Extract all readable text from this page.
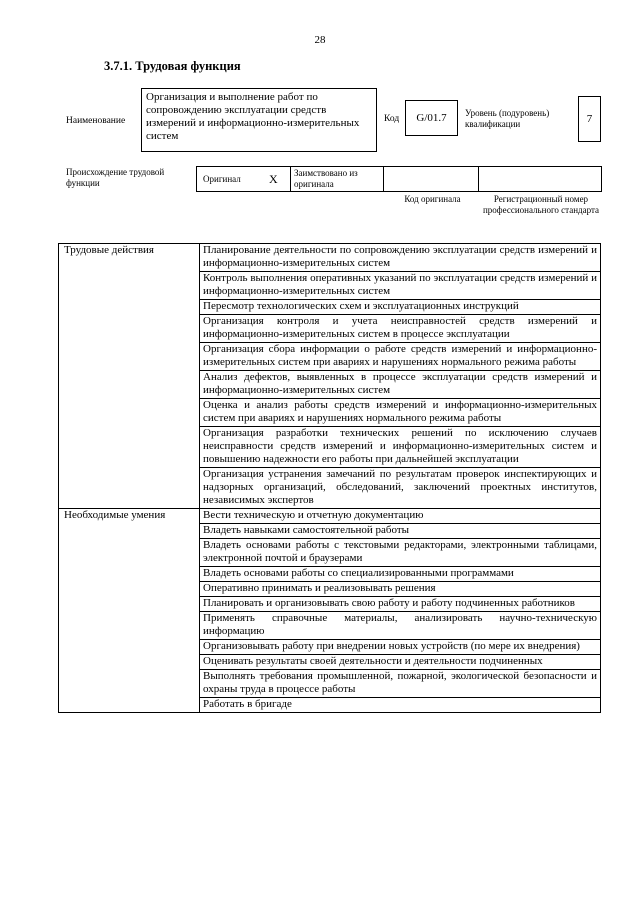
28
3.7.1. Трудовая функция
Наименование
Организация и выполнение работ по сопровождению эксплуатации средств измерений и информационно-измерительных систем
Код G/01.7 Уровень (подуровень) квалификации	7
Происхождение трудовой функции	Оригинал X Заимствовано из оригинала
Код оригинала	Регистрационный номер профессионального стандарта
Трудовые действия	Планирование деятельности по сопровождению эксплуатации средств измерений и информационно-измерительных систем
	Контроль выполнения оперативных указаний по эксплуатации средств измерений и информационно-измерительных систем
	Пересмотр технологических схем и эксплуатационных инструкций
	Организация контроля и учета неисправностей средств измерений и информационно-измерительных систем в процессе эксплуатации
	Организация сбора информации о работе средств измерений и информационно-измерительных систем при авариях и нарушениях нормального режима работы
	Анализ дефектов, выявленных в процессе эксплуатации средств измерений и информационно-измерительных систем
	Оценка и анализ работы средств измерений и информационно-измерительных систем при авариях и нарушениях нормального режима работы
	Организация разработки технических решений по исключению случаев неисправности средств измерений и информационно-измерительных систем и повышению надежности его работы при дальнейшей эксплуатации
	Организация устранения замечаний по результатам проверок инспектирующих и надзорных организаций, обследований, заключений проектных институтов, независимых экспертов
Необходимые умения	Вести техническую и отчетную документацию
	Владеть навыками самостоятельной работы
	Владеть основами работы с текстовыми редакторами, электронными таблицами, электронной почтой и браузерами
	Владеть основами работы со специализированными программами
	Оперативно принимать и реализовывать решения
	Планировать и организовывать свою работу и работу подчиненных работников
	Применять справочные материалы, анализировать научно-техническую информацию
	Организовывать работу при внедрении новых устройств (по мере их внедрения)
	Оценивать результаты своей деятельности и деятельности подчиненных
	Выполнять требования промышленной, пожарной, экологической безопасности и охраны труда в процессе работы
	Работать в бригаде
